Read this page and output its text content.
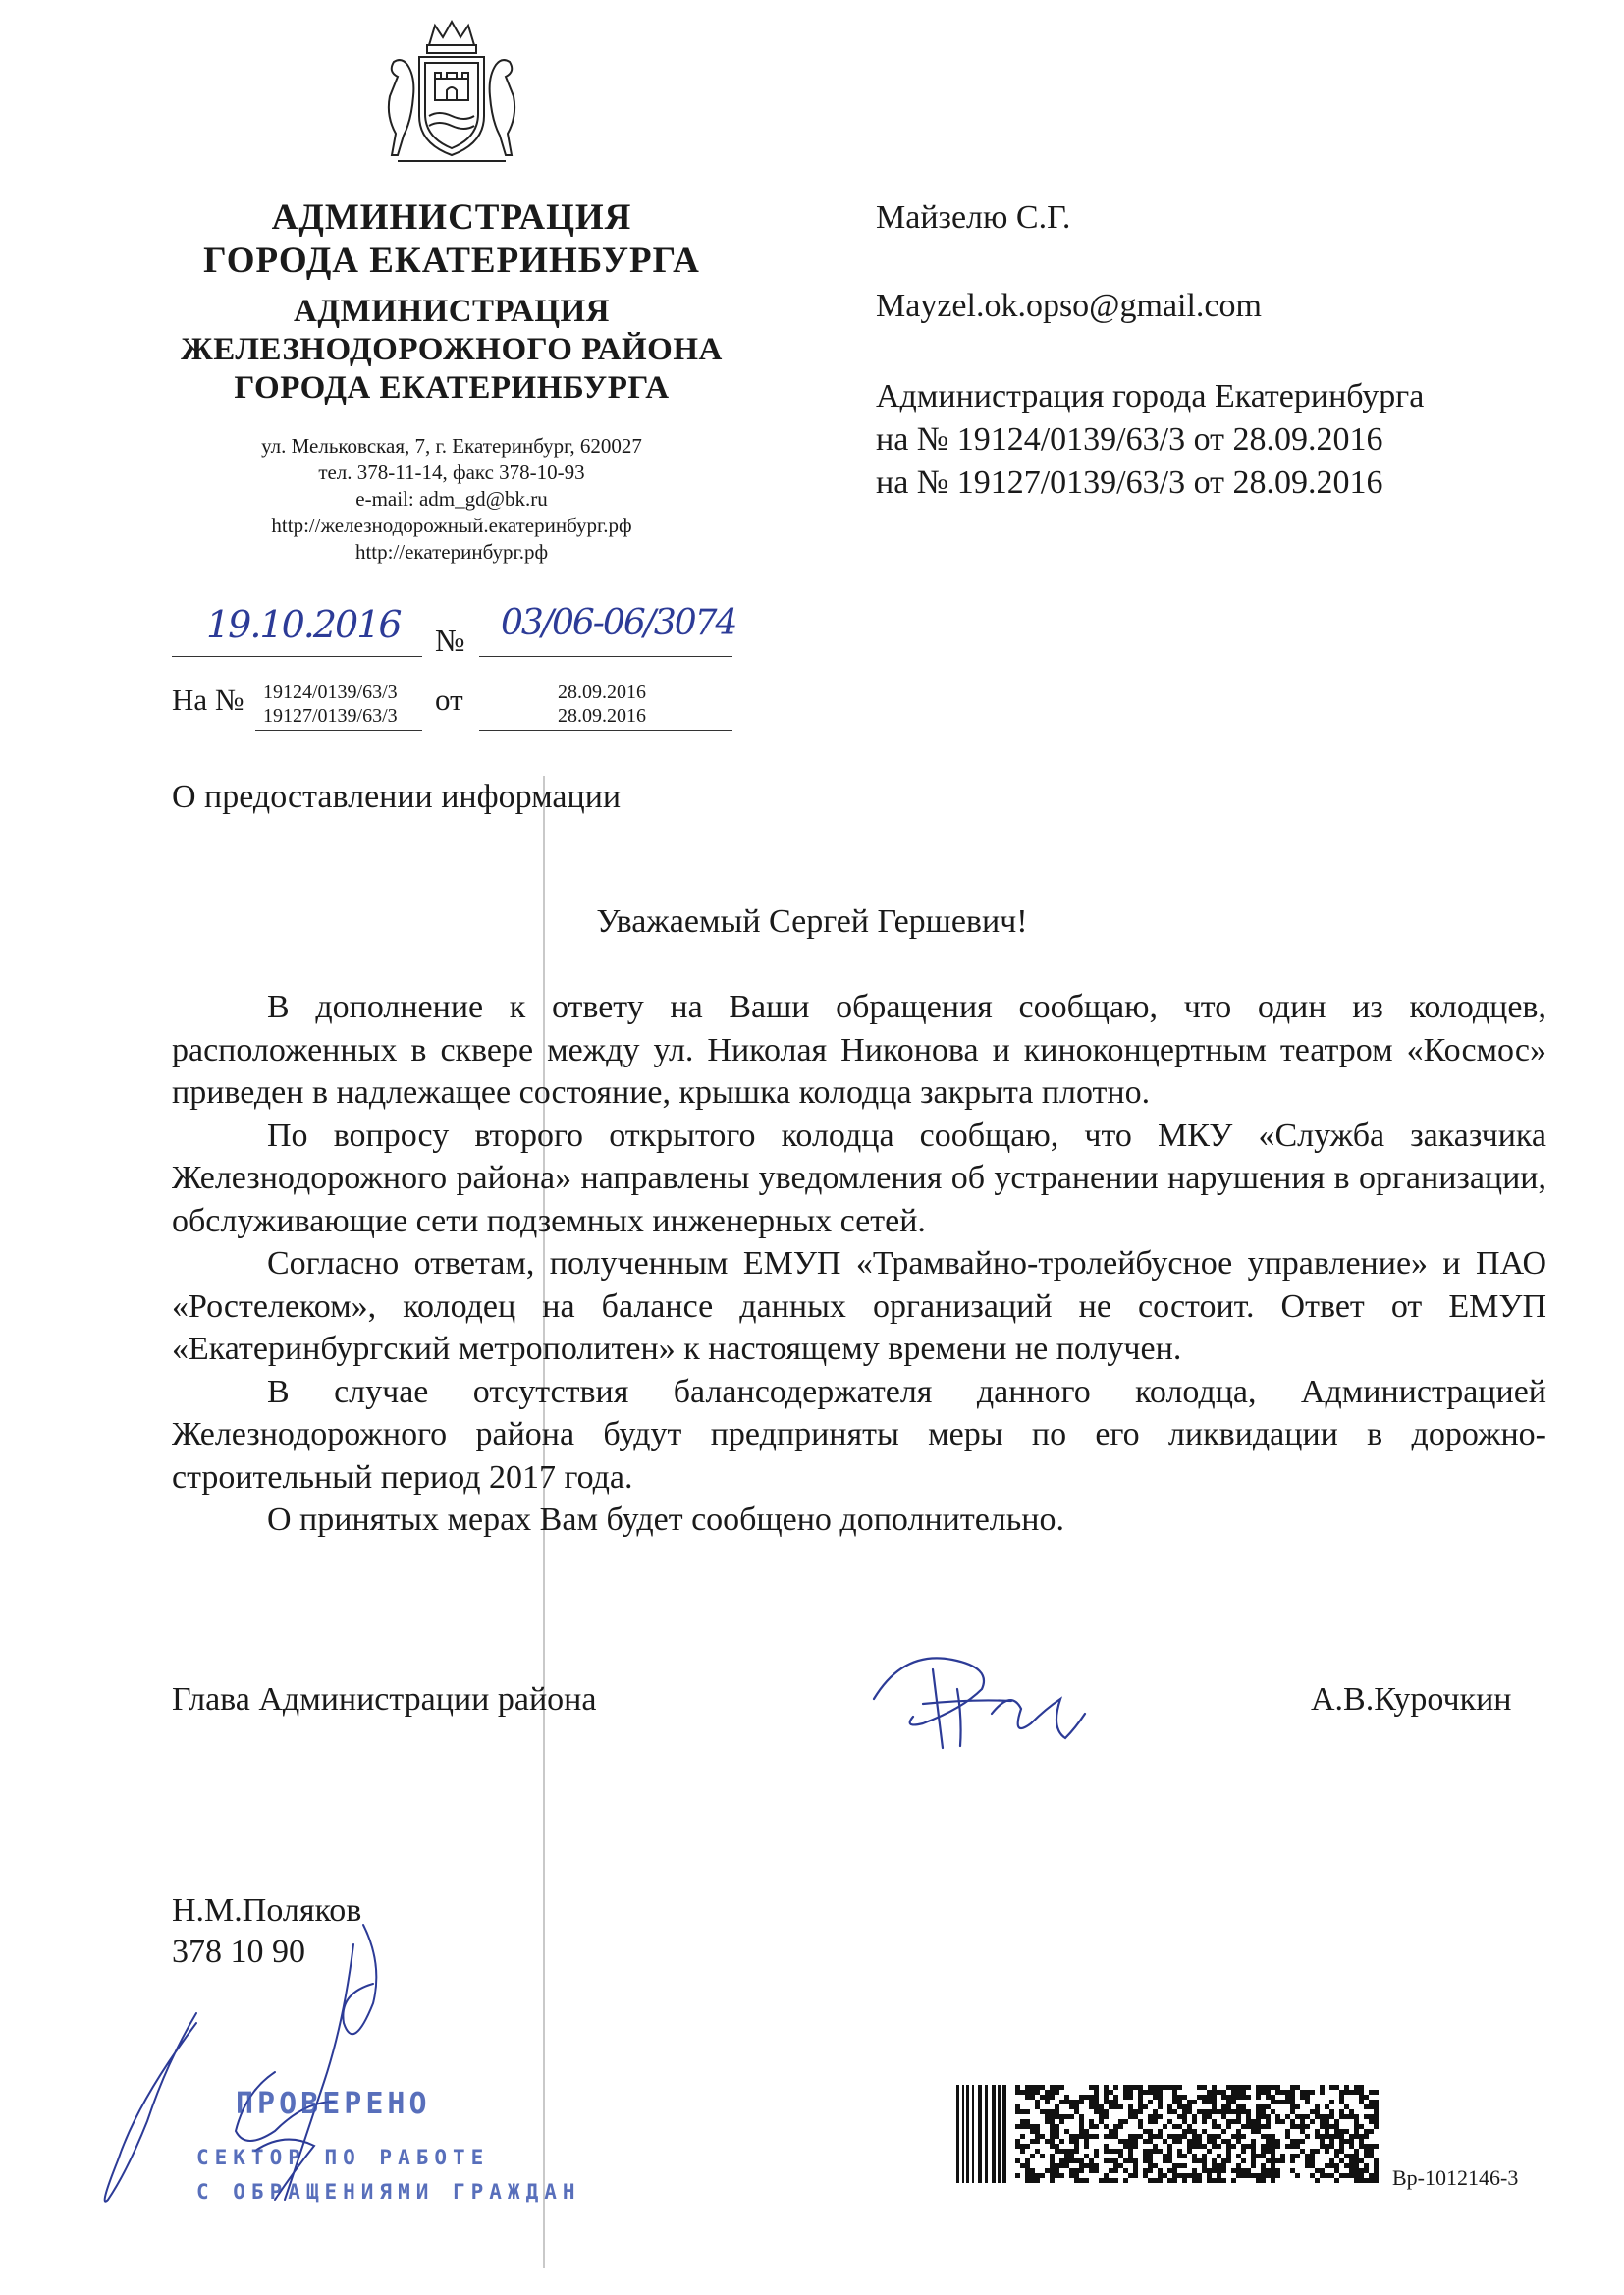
АДМИНИСТРАЦИЯ
ГОРОДА ЕКАТЕРИНБУРГА
АДМИНИСТРАЦИЯ
ЖЕЛЕЗНОДОРОЖНОГО РАЙОНА
ГОРОДА ЕКАТЕРИНБУРГА
ул. Мельковская, 7, г. Екатеринбург, 620027
тел. 378-11-14, факс 378-10-93
e-mail: adm_gd@bk.ru
http://железнодорожный.екатеринбург.рф
http://екатеринбург.рф
Майзелю С.Г.
Mayzel.ok.opso@gmail.com
Администрация города Екатеринбурга
на № 19124/0139/63/3 от 28.09.2016
на № 19127/0139/63/3 от 28.09.2016
19.10.2016 № 03/06-06/3074
На № 19124/0139/63/3
19127/0139/63/3 от	28.09.2016
28.09.2016
О предоставлении информации
Уважаемый Сергей Гершевич!

В дополнение к ответу на Ваши обращения сообщаю, что один из колодцев, расположенных в сквере между ул. Николая Никонова и киноконцертным театром «Космос» приведен в надлежащее состояние, крышка колодца закрыта плотно.

По вопросу второго открытого колодца сообщаю, что МКУ «Служба заказчика Железнодорожного района» направлены уведомления об устранении нарушения в организации, обслуживающие сети подземных инженерных сетей.

Согласно ответам, полученным ЕМУП «Трамвайно-тролейбусное управление» и ПАО «Ростелеком», колодец на балансе данных организаций не состоит. Ответ от ЕМУП «Екатеринбургский метрополитен» к настоящему времени не получен.

В случае отсутствия балансодержателя данного колодца, Администрацией Железнодорожного района будут предприняты меры по его ликвидации в дорожно-строительный период 2017 года.

О принятых мерах Вам будет сообщено дополнительно.

Глава Администрации района	А.В.Курочкин
Н.М.Поляков
378 10 90
ПРОВЕРЕНО
СЕКТОР ПО РАБОТЕ
С ОБРАЩЕНИЯМИ ГРАЖДАН
Вр-1012146-3
